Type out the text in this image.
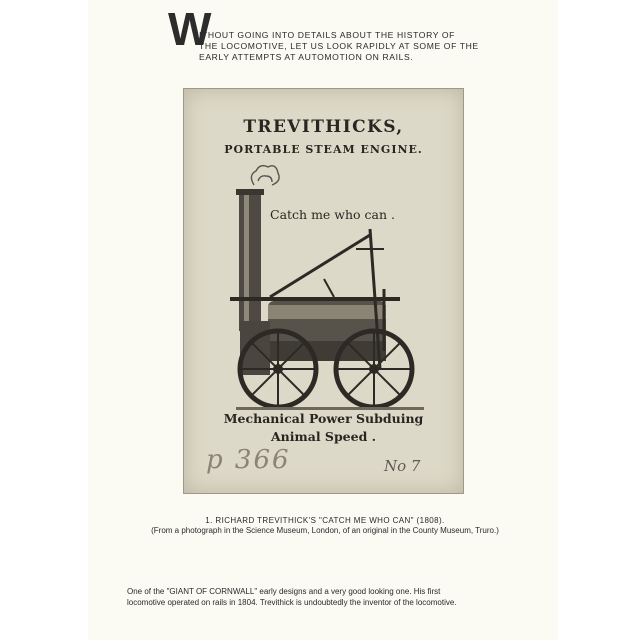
W
ITHOUT GOING INTO DETAILS ABOUT THE HISTORY OF
THE LOCOMOTIVE, LET US LOOK RAPIDLY AT SOME OF THE
EARLY ATTEMPTS AT AUTOMOTION ON RAILS.
TREVITHICKS,
PORTABLE STEAM ENGINE.
Catch me who can .
Mechanical Power Subduing
Animal Speed .
p 366	No 7
1. RICHARD TREVITHICK'S "CATCH ME WHO CAN" (1808).
(From a photograph in the Science Museum, London, of an original in the County Museum, Truro.)
One of the "GIANT OF CORNWALL" early designs and a very good looking one. His first
locomotive operated on rails in 1804. Trevithick is undoubtedly the inventor of the locomotive.
